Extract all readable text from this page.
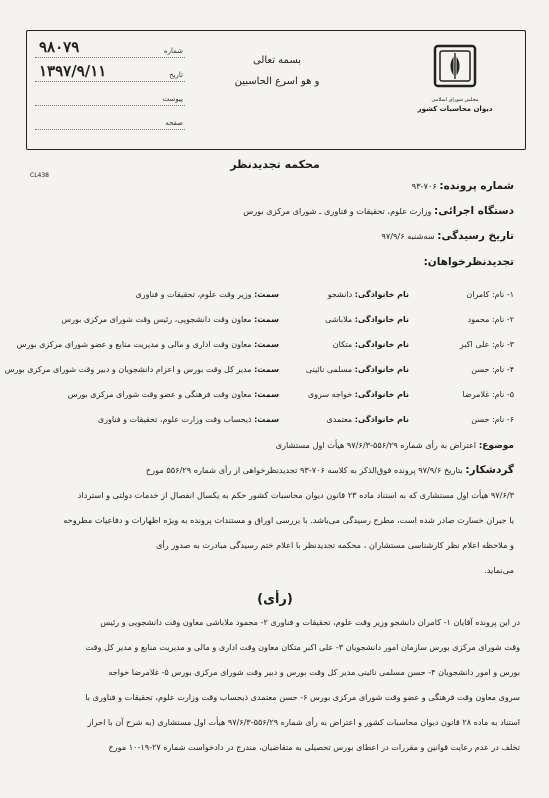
۹۸۰۷۹	شماره
۱۳۹۷/۹/۱۱	تاریخ
پیوست
صفحه
بسمه تعالی
و هو اسرع الحاسبین
مجلس شورای اسلامی
دیوان محاسبات کشور
CL438
محکمه تجدیدنظر
شماره پرونده: ۷۰۶-۹۳
دستگاه اجرائی: وزارت علوم، تحقیقات و فناوری ـ شورای مرکزی بورس
تاریخ رسیدگی: سه‌شنبه ۹۷/۹/۶
تجدیدنظرخواهان:
۱- نام: کامران
نام خانوادگی: دانشجو
سمت: وزیر وقت علوم، تحقیقات و فناوری
۲- نام: محمود
نام خانوادگی: ملاباشی
سمت: معاون وقت دانشجویی، رئیس وقت شورای مرکزی بورس
۳- نام: علی اکبر
نام خانوادگی: متکان
سمت: معاون وقت اداری و مالی و مدیریت منابع و عضو شورای مرکزی بورس
۴- نام: حسن
نام خانوادگی: مسلمی نائینی
سمت: مدیر کل وقت بورس و اعزام دانشجویان و دبیر وقت شورای مرکزی بورس
۵- نام: غلامرضا
نام خانوادگی: خواجه سروی
سمت: معاون وقت فرهنگی و عضو وقت شورای مرکزی بورس
۶- نام: حسن
نام خانوادگی: معتمدی
سمت: ذیحساب وقت وزارت علوم، تحقیقات و فناوری
موضوع: اعتراض به رأی شماره ۵۵۶/۲۹-۹۷/۶/۳ هیأت اول مستشاری
گردشکار: بتاریخ ۹۷/۹/۶ پرونده فوق‌الذکر به کلاسه ۷۰۶-۹۳ تجدیدنظرخواهی از رأی شماره ۵۵۶/۲۹ مورخ
۹۷/۶/۳ هیأت اول مستشاری که به استناد ماده ۲۳ قانون دیوان محاسبات کشور حکم به یکسال انفصال از خدمات دولتی و استرداد
یا جبران خسارت صادر شده است، مطرح رسیدگی می‌باشد. با بررسی اوراق و مستندات پرونده به ویژه اظهارات و دفاعیات مطروحه
و ملاحظه اعلام نظر کارشناسی مستشاران ، محکمه تجدیدنظر با اعلام ختم رسیدگی مبادرت به صدور رأی
می‌نماید.
(رأی)
در این پرونده آقایان ۱- کامران دانشجو وزیر وقت علوم، تحقیقات و فناوری ۲- محمود ملاباشی معاون وقت دانشجویی و رئیس
وقت شورای مرکزی بورس سازمان امور دانشجویان ۳- علی اکبر متکان معاون وقت اداری و مالی و مدیریت منابع و مدیر کل وقت
بورس و امور دانشجویان ۴- حسن مسلمی نائینی مدیر کل وقت بورس و دبیر وقت شورای مرکزی بورس ۵- غلامرضا خواجه
سروی معاون وقت فرهنگی و عضو وقت شورای مرکزی بورس ۶- حسن معتمدی ذیحساب وقت وزارت علوم، تحقیقات و فناوری با
استناد به ماده ۲۸ قانون دیوان محاسبات کشور و اعتراض به رأی شماره ۵۵۶/۲۹-۹۷/۶/۳ هیأت اول مستشاری (به شرح آن با احراز
تخلف در عدم رعایت قوانین و مقررات در اعطای بورس تحصیلی به متقاضیان، مندرج در دادخواست شماره ۲۷-۱۹-۱۰ مورخ
